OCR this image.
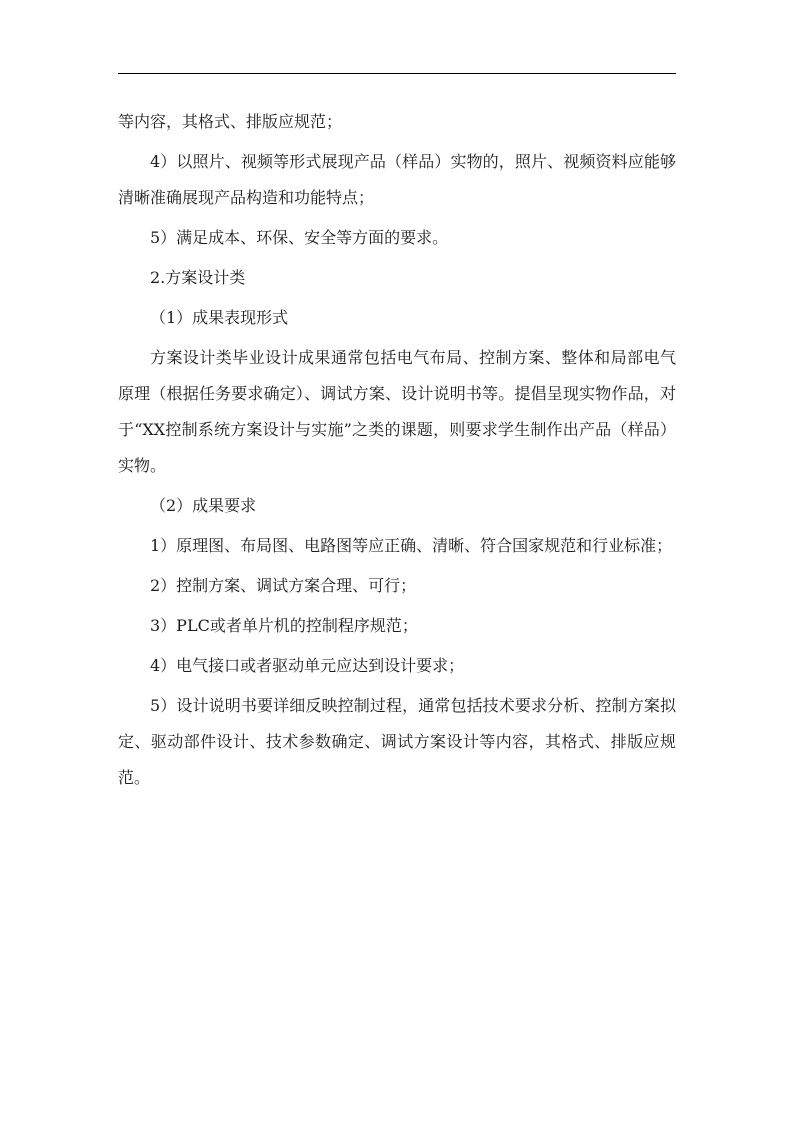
等内容，其格式、排版应规范；

4）以照片、视频等形式展现产品（样品）实物的，照片、视频资料应能够清晰准确展现产品构造和功能特点；

5）满足成本、环保、安全等方面的要求。

2.方案设计类

（1）成果表现形式

方案设计类毕业设计成果通常包括电气布局、控制方案、整体和局部电气原理（根据任务要求确定）、调试方案、设计说明书等。提倡呈现实物作品，对于“XX控制系统方案设计与实施”之类的课题，则要求学生制作出产品（样品）实物。

（2）成果要求

1）原理图、布局图、电路图等应正确、清晰、符合国家规范和行业标准；

2）控制方案、调试方案合理、可行；

3）PLC或者单片机的控制程序规范；

4）电气接口或者驱动单元应达到设计要求；

5）设计说明书要详细反映控制过程，通常包括技术要求分析、控制方案拟定、驱动部件设计、技术参数确定、调试方案设计等内容，其格式、排版应规范。
